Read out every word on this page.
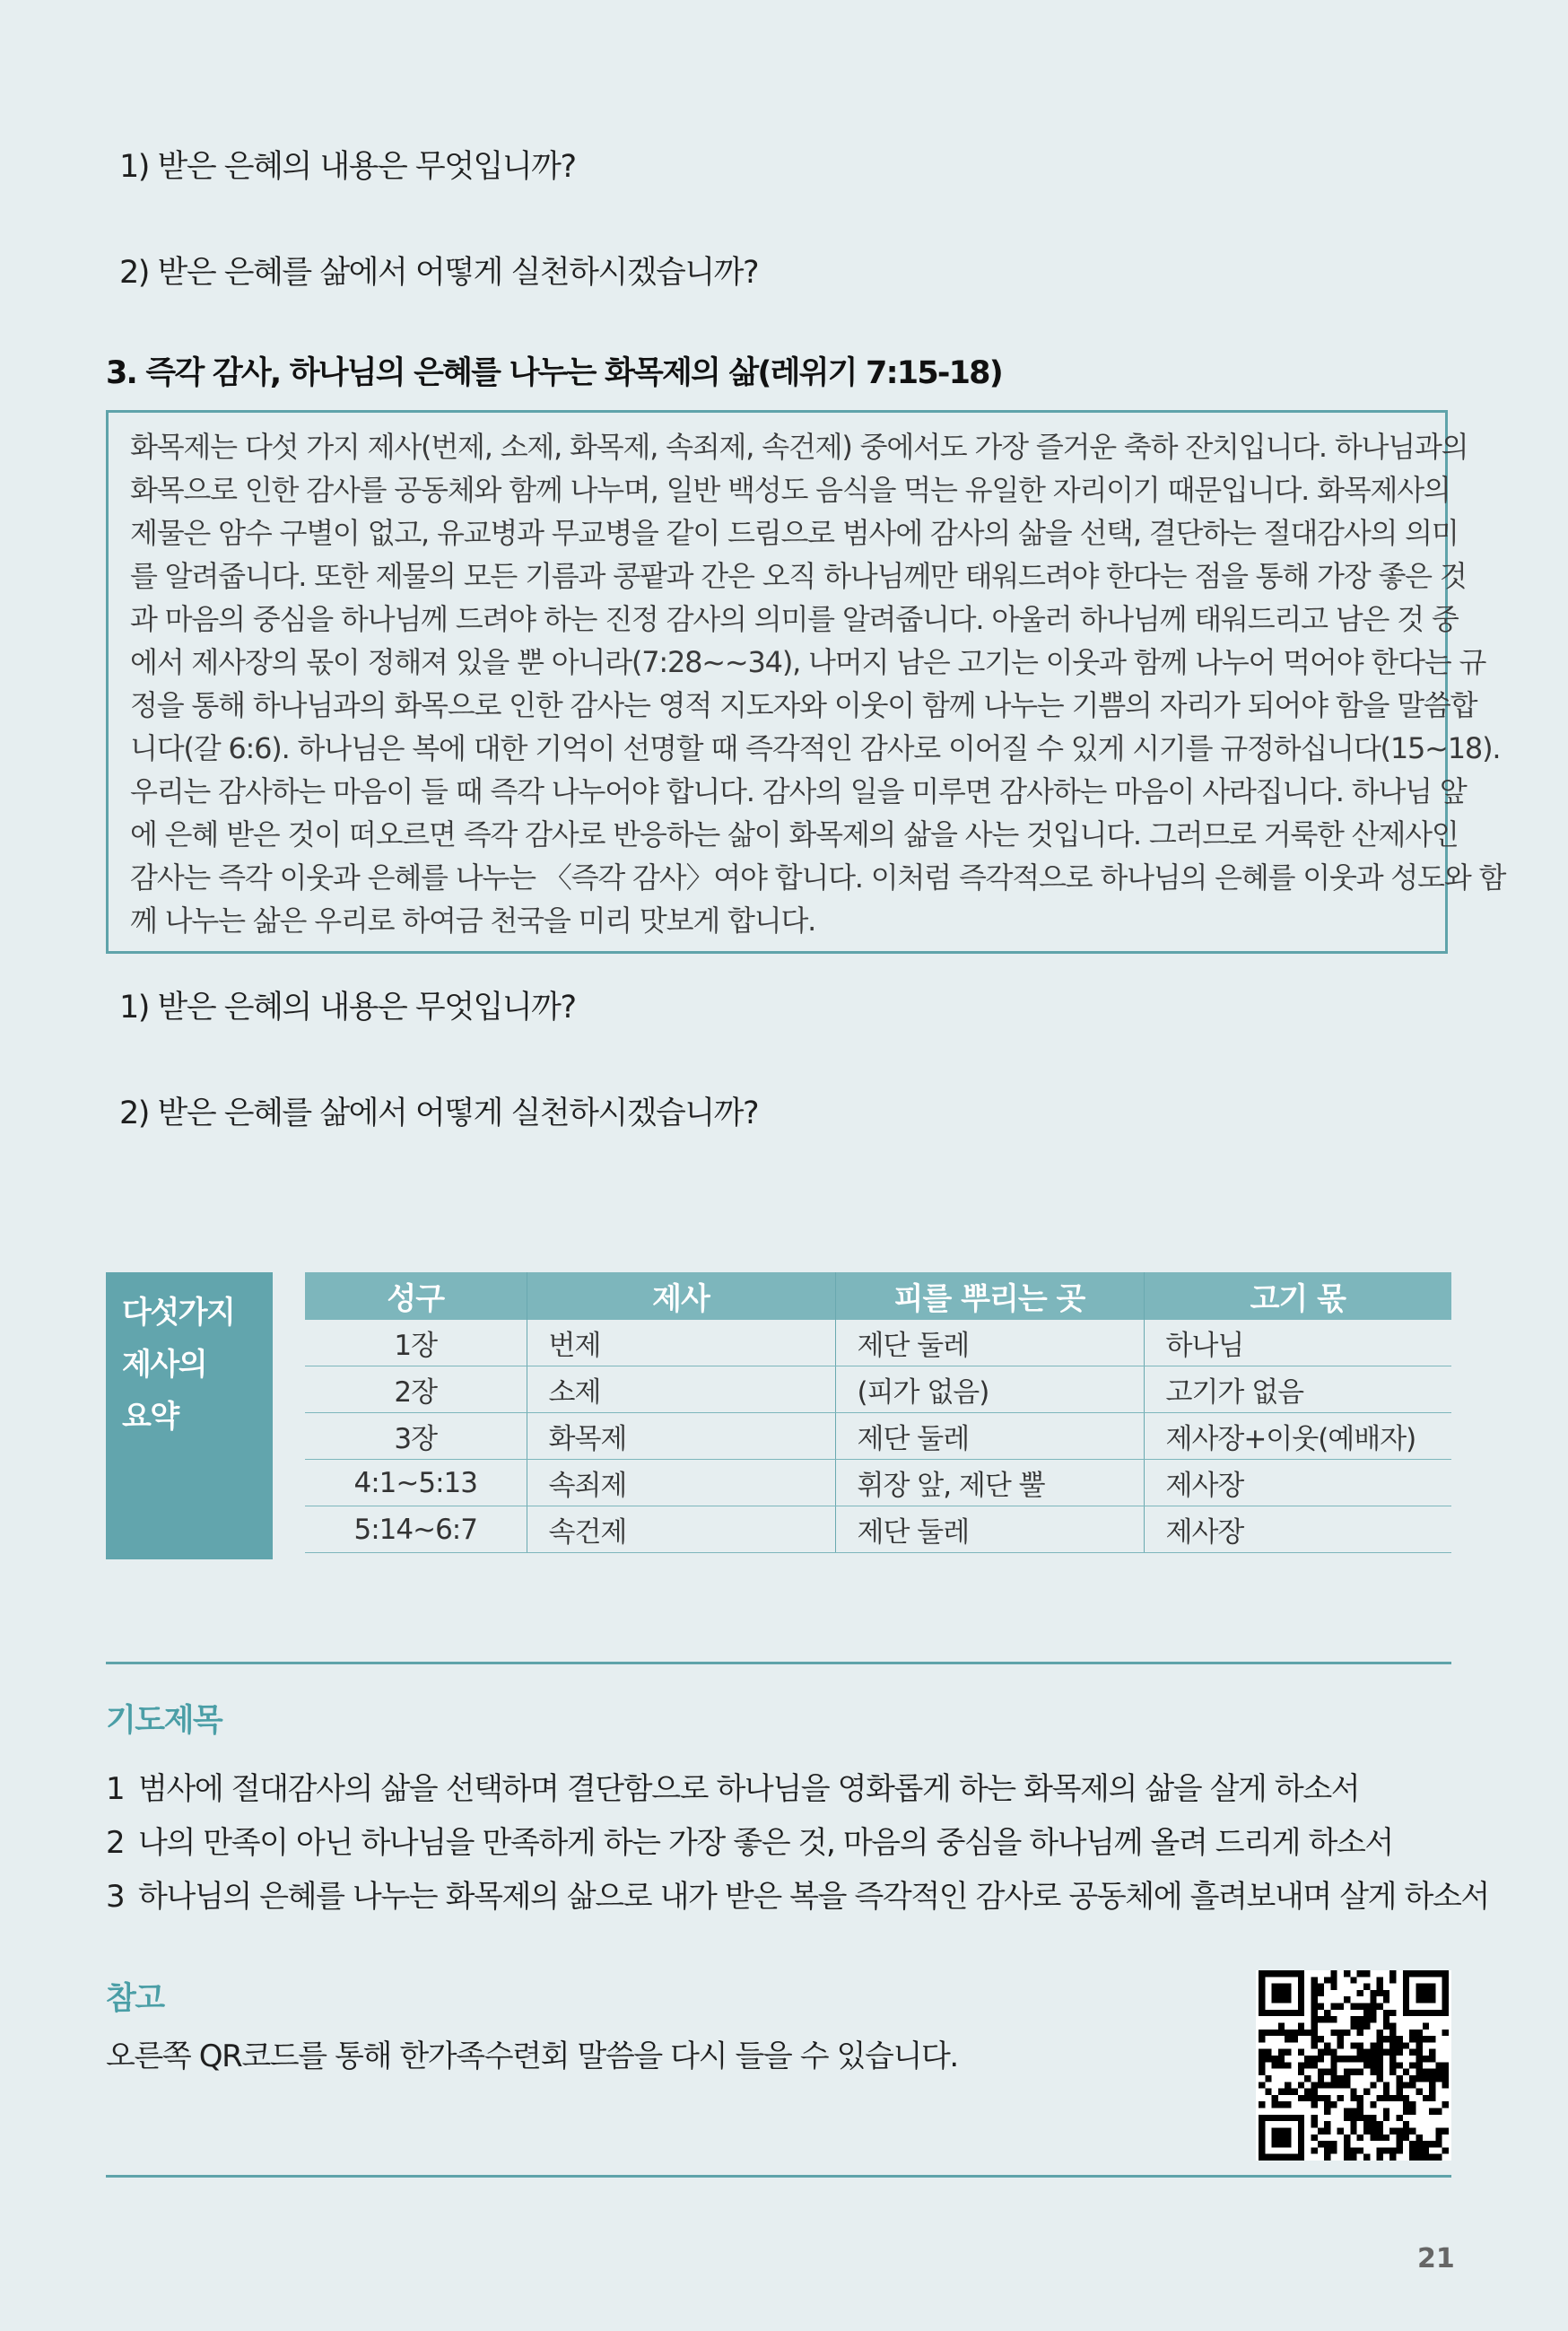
1) 받은 은혜의 내용은 무엇입니까?
2) 받은 은혜를 삶에서 어떻게 실천하시겠습니까?
3. 즉각 감사, 하나님의 은혜를 나누는 화목제의 삶(레위기 7:15-18)
화목제는 다섯 가지 제사(번제, 소제, 화목제, 속죄제, 속건제) 중에서도 가장 즐거운 축하 잔치입니다. 하나님과의
화목으로 인한 감사를 공동체와 함께 나누며, 일반 백성도 음식을 먹는 유일한 자리이기 때문입니다. 화목제사의
제물은 암수 구별이 없고, 유교병과 무교병을 같이 드림으로 범사에 감사의 삶을 선택, 결단하는 절대감사의 의미
를 알려줍니다. 또한 제물의 모든 기름과 콩팥과 간은 오직 하나님께만 태워드려야 한다는 점을 통해 가장 좋은 것
과 마음의 중심을 하나님께 드려야 하는 진정 감사의 의미를 알려줍니다. 아울러 하나님께 태워드리고 남은 것 중
에서 제사장의 몫이 정해져 있을 뿐 아니라(7:28~~34), 나머지 남은 고기는 이웃과 함께 나누어 먹어야 한다는 규
정을 통해 하나님과의 화목으로 인한 감사는 영적 지도자와 이웃이 함께 나누는 기쁨의 자리가 되어야 함을 말씀합
니다(갈 6:6). 하나님은 복에 대한 기억이 선명할 때 즉각적인 감사로 이어질 수 있게 시기를 규정하십니다(15~18).
우리는 감사하는 마음이 들 때 즉각 나누어야 합니다. 감사의 일을 미루면 감사하는 마음이 사라집니다. 하나님 앞
에 은혜 받은 것이 떠오르면 즉각 감사로 반응하는 삶이 화목제의 삶을 사는 것입니다. 그러므로 거룩한 산제사인
감사는 즉각 이웃과 은혜를 나누는 〈즉각 감사〉여야 합니다. 이처럼 즉각적으로 하나님의 은혜를 이웃과 성도와 함
께 나누는 삶은 우리로 하여금 천국을 미리 맛보게 합니다.
1) 받은 은혜의 내용은 무엇입니까?
2) 받은 은혜를 삶에서 어떻게 실천하시겠습니까?
다섯가지
제사의
요약
성구	제사	피를 뿌리는 곳	고기 몫
1장	번제	제단 둘레	하나님
2장	소제	(피가 없음)	고기가 없음
3장	화목제	제단 둘레	제사장+이웃(예배자)
4:1~5:13	속죄제	휘장 앞, 제단 뿔	제사장
5:14~6:7	속건제	제단 둘레	제사장
기도제목
1 범사에 절대감사의 삶을 선택하며 결단함으로 하나님을 영화롭게 하는 화목제의 삶을 살게 하소서
2 나의 만족이 아닌 하나님을 만족하게 하는 가장 좋은 것, 마음의 중심을 하나님께 올려 드리게 하소서
3 하나님의 은혜를 나누는 화목제의 삶으로 내가 받은 복을 즉각적인 감사로 공동체에 흘려보내며 살게 하소서
참고
오른쪽 QR코드를 통해 한가족수련회 말씀을 다시 들을 수 있습니다.
21
